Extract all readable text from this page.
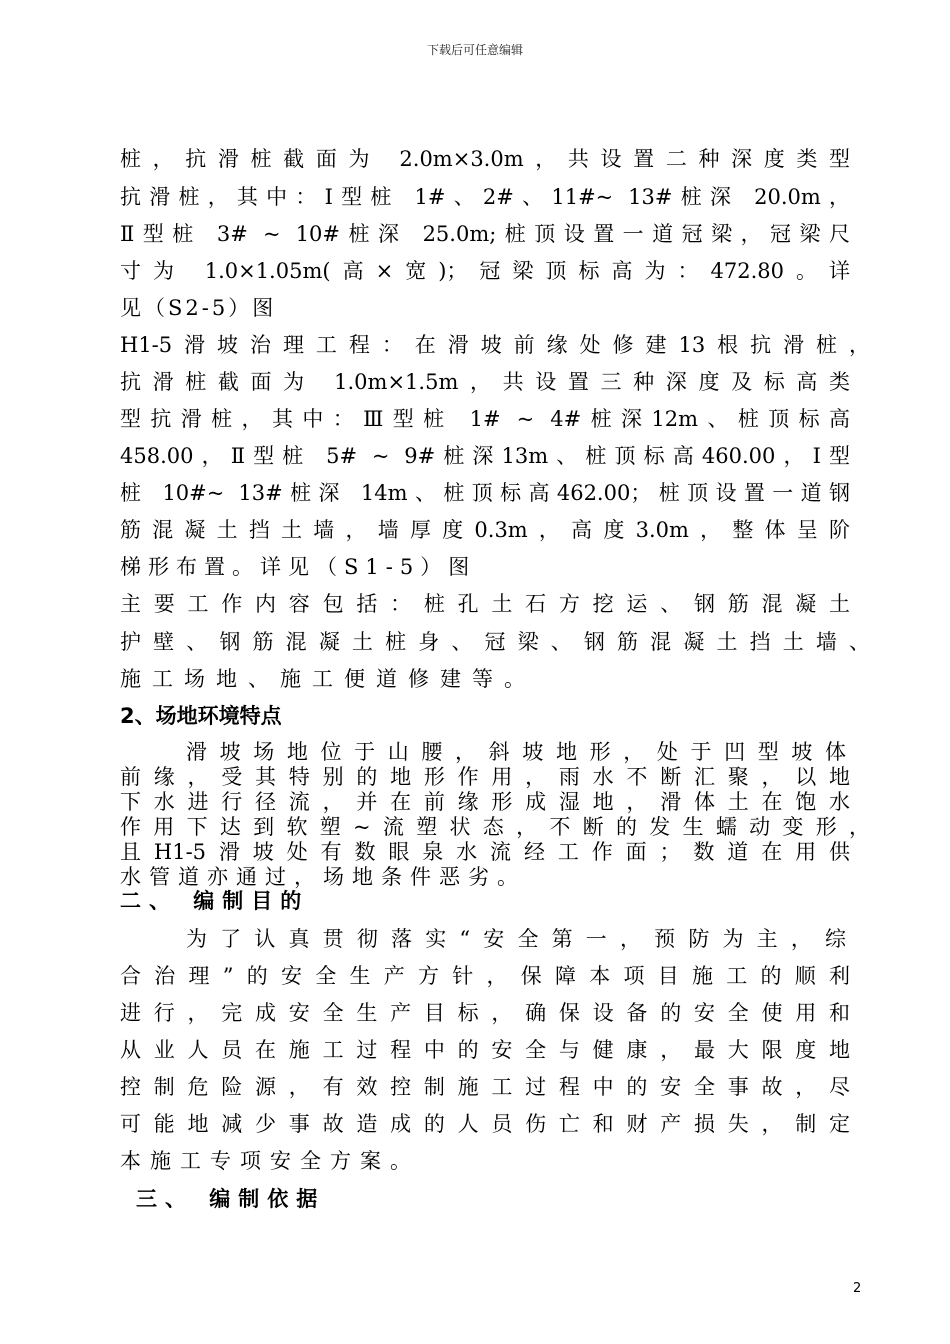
下载后可任意编辑
桩，抗滑桩截面为 2.0m×3.0m，共设置二种深度类型
抗滑桩，其中：Ⅰ型桩 1#、2#、11#~ 13#桩深 20.0m，
Ⅱ型桩 3# ~ 10#桩深 25.0m;桩顶设置一道冠梁，冠梁尺
寸为 1.0×1.05m(高×宽)；冠梁顶标高为：472.80。详
见（S2-5）图
H1-5滑坡治理工程：在滑坡前缘处修建13根抗滑桩，
抗滑桩截面为 1.0m×1.5m，共设置三种深度及标高类
型抗滑桩，其中：Ⅲ型桩 1# ~ 4#桩深12m、桩顶标高
458.00，Ⅱ型桩 5# ~ 9#桩深13m、桩顶标高460.00，Ⅰ型
桩 10#~ 13#桩深 14m、桩顶标高462.00；桩顶设置一道钢
筋混凝土挡土墙，墙厚度0.3m，高度3.0m，整体呈阶
梯形布置。详见（S1-5）图
主要工作内容包括：桩孔土石方挖运、钢筋混凝土
护壁、钢筋混凝土桩身、冠梁、钢筋混凝土挡土墙、
施工场地、施工便道修建等。
2、场地环境特点
滑坡场地位于山腰，斜坡地形，处于凹型坡体
前缘，受其特别的地形作用，雨水不断汇聚，以地
下水进行径流，并在前缘形成湿地，滑体土在饱水
作用下达到软塑~流塑状态，不断的发生蠕动变形，
且H1-5滑坡处有数眼泉水流经工作面；数道在用供
水管道亦通过，场地条件恶劣。
二、 编制目的
为了认真贯彻落实“安全第一，预防为主，综
合治理”的安全生产方针，保障本项目施工的顺利
进行，完成安全生产目标，确保设备的安全使用和
从业人员在施工过程中的安全与健康，最大限度地
控制危险源，有效控制施工过程中的安全事故，尽
可能地减少事故造成的人员伤亡和财产损失，制定
本施工专项安全方案。
三、 编制依据
2
